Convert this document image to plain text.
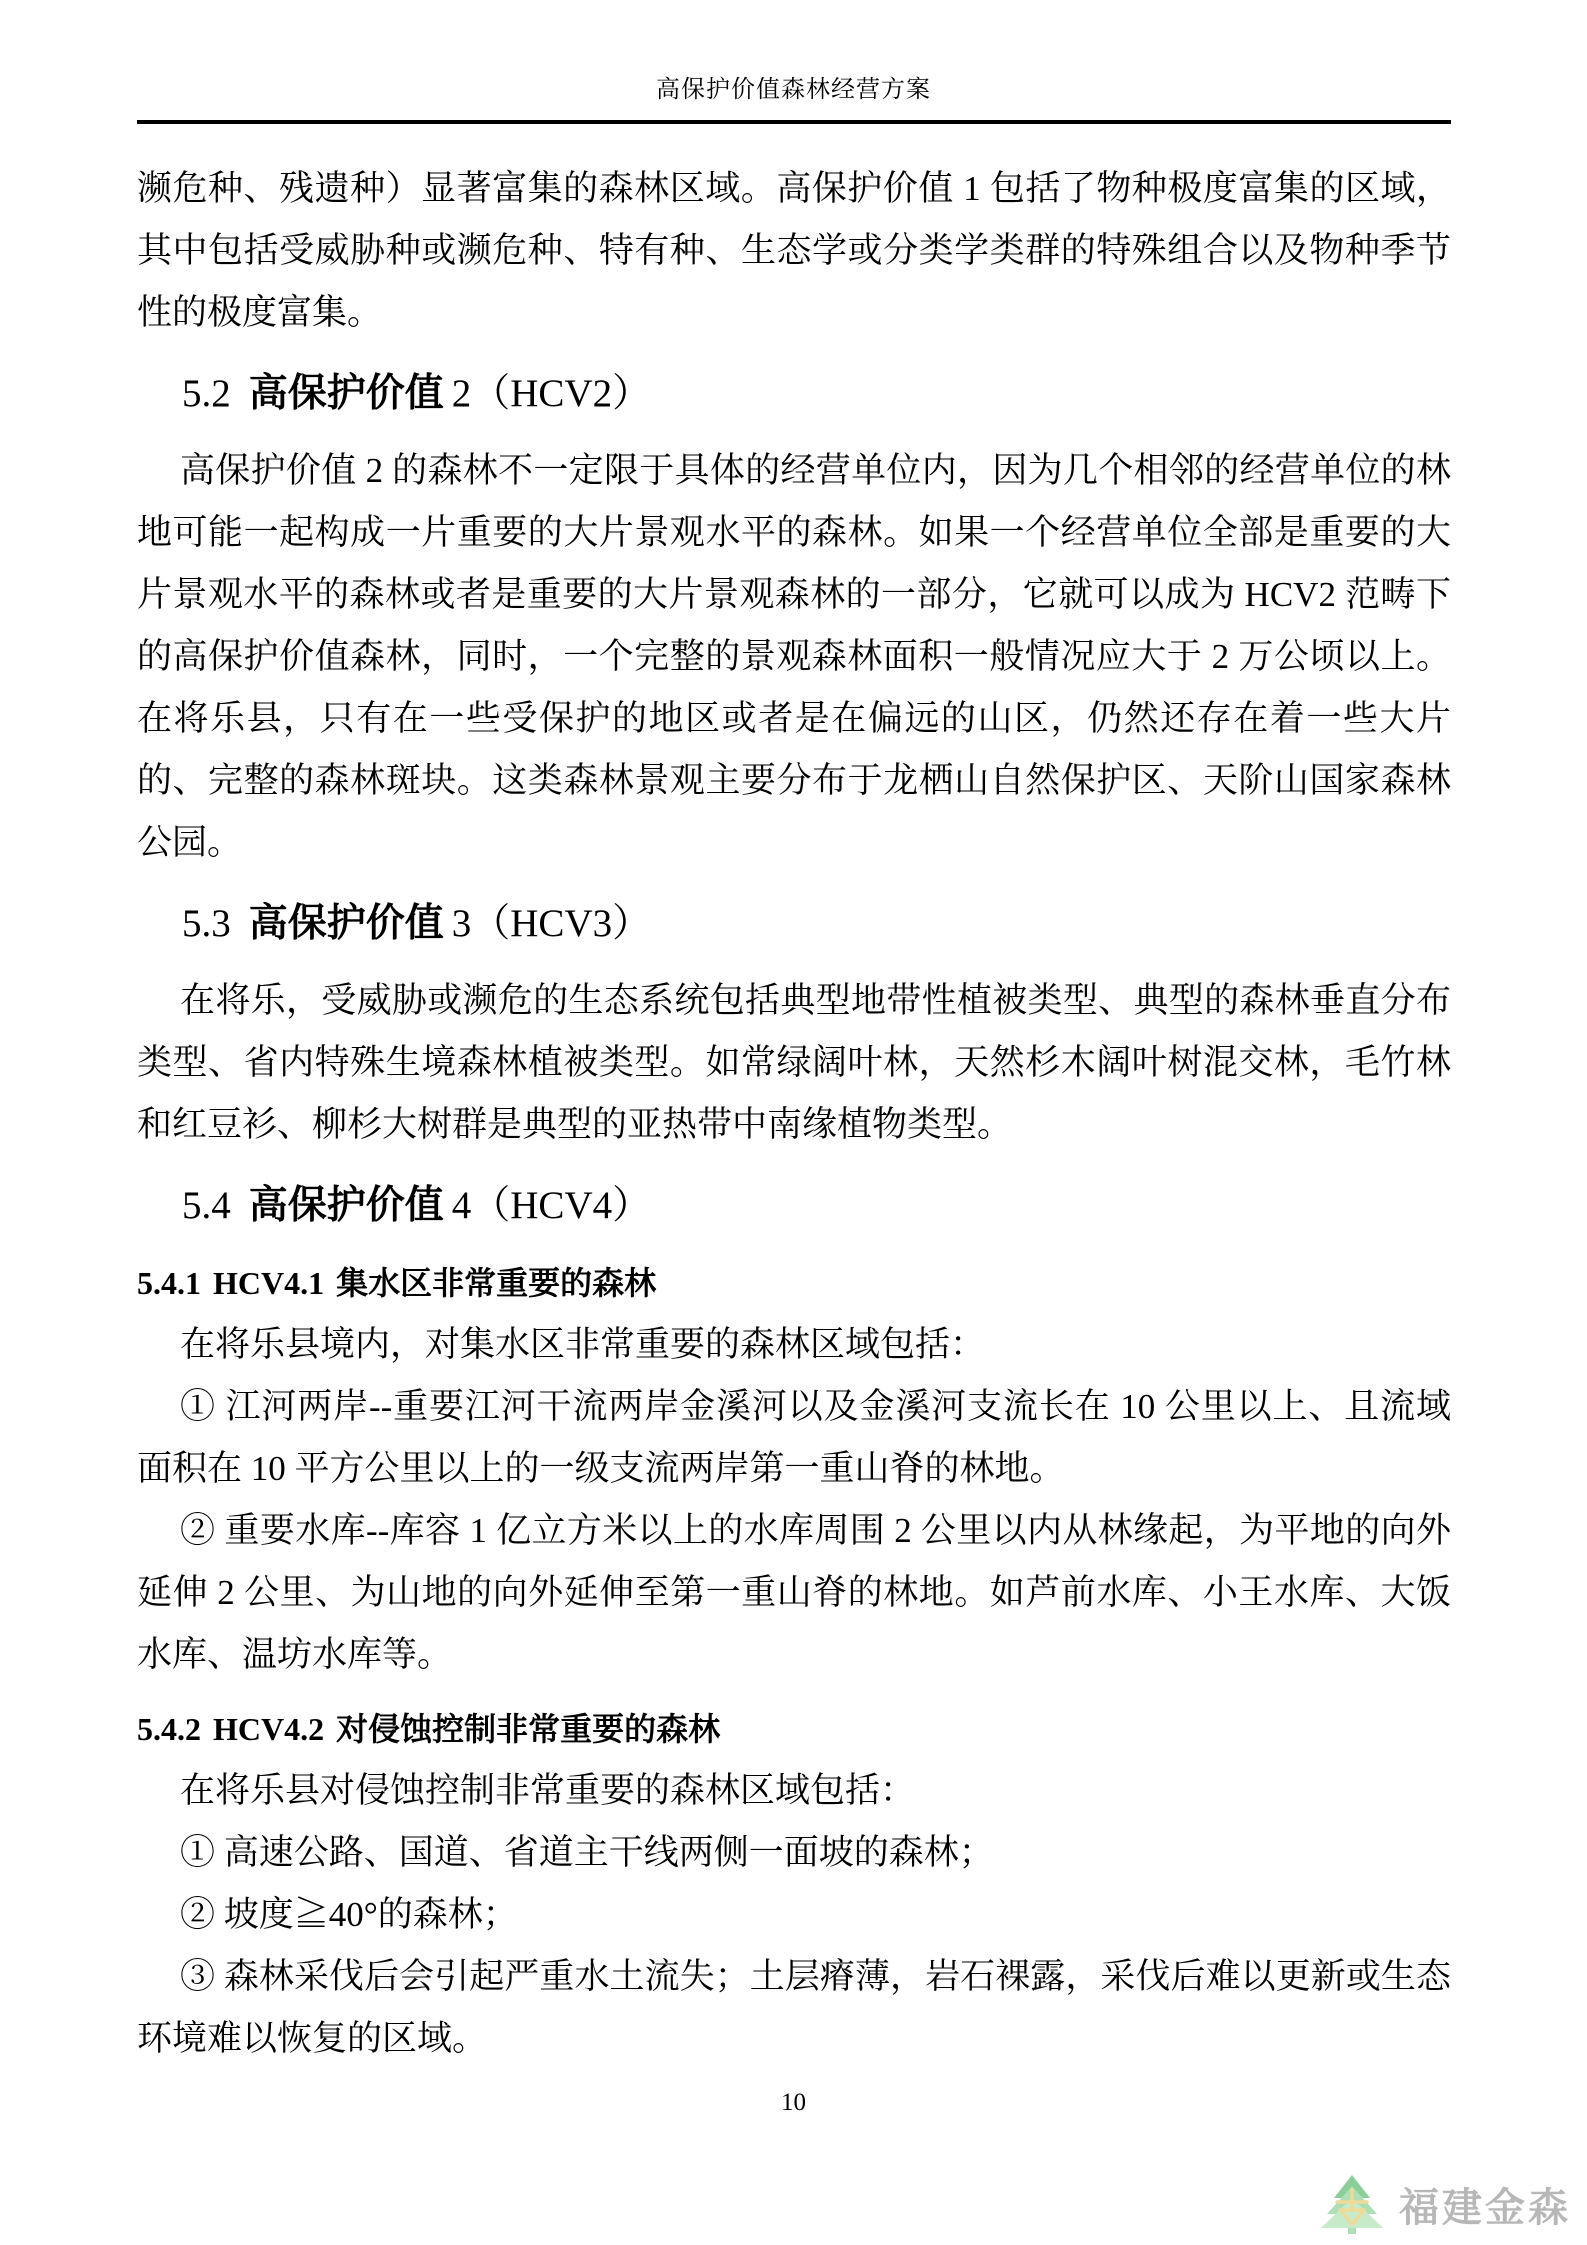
高保护价值森林经营方案

濒危种、残遗种）显著富集的森林区域。高保护价值 1 包括了物种极度富集的区域，其中包括受威胁种或濒危种、特有种、生态学或分类学类群的特殊组合以及物种季节性的极度富集。

5.2 高保护价值 2（HCV2）

高保护价值 2 的森林不一定限于具体的经营单位内，因为几个相邻的经营单位的林地可能一起构成一片重要的大片景观水平的森林。如果一个经营单位全部是重要的大片景观水平的森林或者是重要的大片景观森林的一部分，它就可以成为 HCV2 范畴下的高保护价值森林，同时，一个完整的景观森林面积一般情况应大于 2 万公顷以上。在将乐县，只有在一些受保护的地区或者是在偏远的山区，仍然还存在着一些大片的、完整的森林斑块。这类森林景观主要分布于龙栖山自然保护区、天阶山国家森林公园。

5.3 高保护价值 3（HCV3）

在将乐，受威胁或濒危的生态系统包括典型地带性植被类型、典型的森林垂直分布类型、省内特殊生境森林植被类型。如常绿阔叶林，天然杉木阔叶树混交林，毛竹林和红豆衫、柳杉大树群是典型的亚热带中南缘植物类型。

5.4 高保护价值 4（HCV4）
5.4.1 HCV4.1 集水区非常重要的森林

在将乐县境内，对集水区非常重要的森林区域包括：

① 江河两岸--重要江河干流两岸金溪河以及金溪河支流长在 10 公里以上、且流域面积在 10 平方公里以上的一级支流两岸第一重山脊的林地。

② 重要水库--库容 1 亿立方米以上的水库周围 2 公里以内从林缘起，为平地的向外延伸 2 公里、为山地的向外延伸至第一重山脊的林地。如芦前水库、小王水库、大饭水库、温坊水库等。

5.4.2 HCV4.2 对侵蚀控制非常重要的森林

在将乐县对侵蚀控制非常重要的森林区域包括：

① 高速公路、国道、省道主干线两侧一面坡的森林；

② 坡度≧40°的森林；

③ 森林采伐后会引起严重水土流失；土层瘠薄，岩石裸露，采伐后难以更新或生态环境难以恢复的区域。

10
福建金森
